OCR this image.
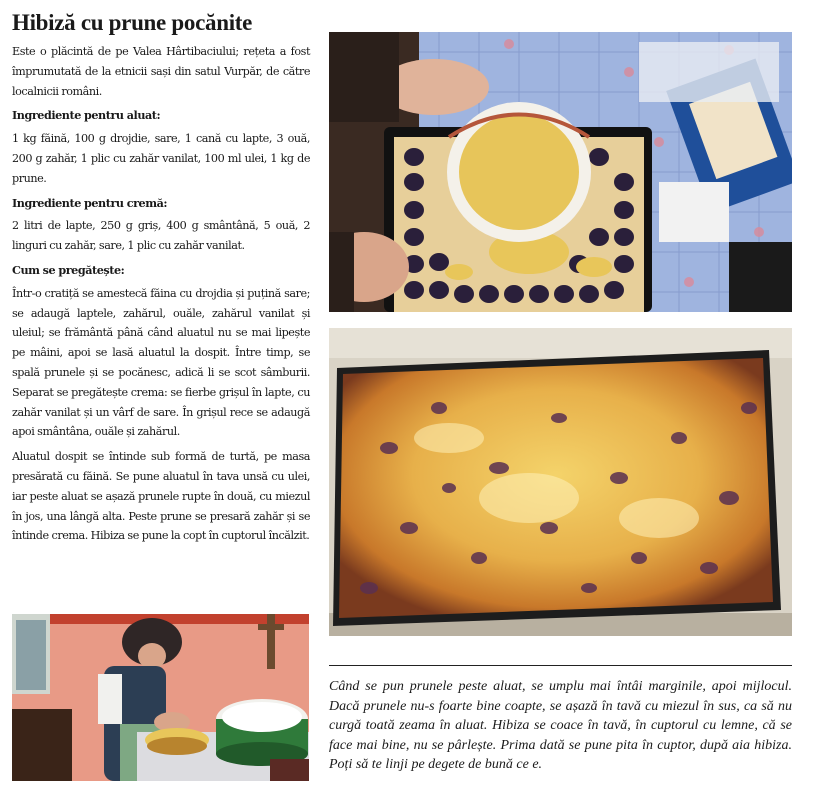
Hibiză cu prune pocănite

Este o plăcintă de pe Valea Hârtibaciului; rețeta a fost împrumutată de la etnicii sași din satul Vurpăr, de către localnicii români.

Ingrediente pentru aluat:

1 kg făină, 100 g drojdie, sare, 1 cană cu lapte, 3 ouă, 200 g zahăr, 1 plic cu zahăr vanilat, 100 ml ulei, 1 kg de prune.

Ingrediente pentru cremă:

2 litri de lapte, 250 g griș, 400 g smântână, 5 ouă, 2 linguri cu zahăr, sare, 1 plic cu zahăr vanilat.

Cum se pregătește:

Într-o cratiță se amestecă făina cu drojdia și puțină sare; se adaugă laptele, zahărul, ouăle, zahărul vanilat și uleiul; se frământă până când aluatul nu se mai lipește pe mâini, apoi se lasă aluatul la dospit. Între timp, se spală prunele și se pocănesc, adică li se scot sâmburii. Separat se pregătește crema: se fierbe grișul în lapte, cu zahăr vanilat și un vârf de sare. În grișul rece se adaugă apoi smântâna, ouăle și zahărul.

Aluatul dospit se întinde sub formă de turtă, pe masa presărată cu făină. Se pune aluatul în tava unsă cu ulei, iar peste aluat se așază prunele rupte în două, cu miezul în jos, una lângă alta. Peste prune se presară zahăr și se întinde crema. Hibiza se pune la copt în cuptorul încălzit.

Când se pun prunele peste aluat, se umplu mai întâi marginile, apoi mijlocul. Dacă prunele nu-s foarte bine coapte, se așază în tavă cu miezul în sus, ca să nu curgă toată zeama în aluat. Hibiza se coace în tavă, în cuptorul cu lemne, că se face mai bine, nu se pârlește. Prima dată se pune pita în cuptor, după aia hibiza. Poți să te linji pe degete de bună ce e.
